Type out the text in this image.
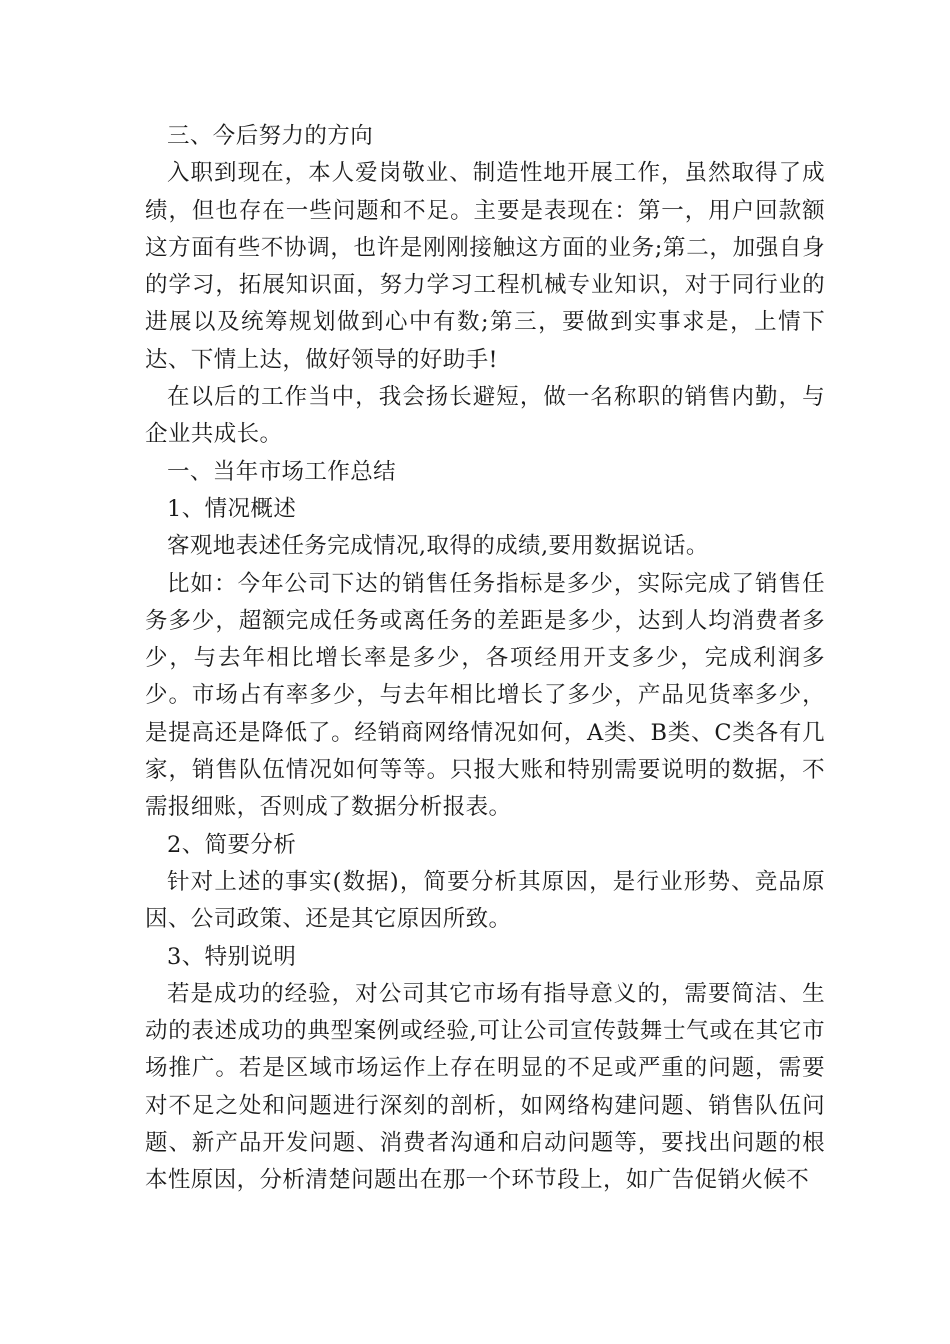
三、今后努力的方向

入职到现在，本人爱岗敬业、制造性地开展工作，虽然取得了成绩，但也存在一些问题和不足。主要是表现在：第一，用户回款额这方面有些不协调，也许是刚刚接触这方面的业务;第二，加强自身的学习，拓展知识面，努力学习工程机械专业知识，对于同行业的进展以及统筹规划做到心中有数;第三，要做到实事求是，上情下达、下情上达，做好领导的好助手!

在以后的工作当中，我会扬长避短，做一名称职的销售内勤，与企业共成长。

一、当年市场工作总结

1、情况概述

客观地表述任务完成情况,取得的成绩,要用数据说话。

比如：今年公司下达的销售任务指标是多少，实际完成了销售任务多少，超额完成任务或离任务的差距是多少，达到人均消费者多少，与去年相比增长率是多少，各项经用开支多少，完成利润多少。市场占有率多少，与去年相比增长了多少，产品见货率多少，是提高还是降低了。经销商网络情况如何，A类、B类、C类各有几家，销售队伍情况如何等等。只报大账和特别需要说明的数据，不需报细账，否则成了数据分析报表。

2、简要分析

针对上述的事实(数据)，简要分析其原因，是行业形势、竞品原因、公司政策、还是其它原因所致。

3、特别说明

若是成功的经验，对公司其它市场有指导意义的，需要简洁、生动的表述成功的典型案例或经验,可让公司宣传鼓舞士气或在其它市场推广。若是区域市场运作上存在明显的不足或严重的问题，需要对不足之处和问题进行深刻的剖析，如网络构建问题、销售队伍问题、新产品开发问题、消费者沟通和启动问题等，要找出问题的根本性原因，分析清楚问题出在那一个环节段上，如广告促销火候不
